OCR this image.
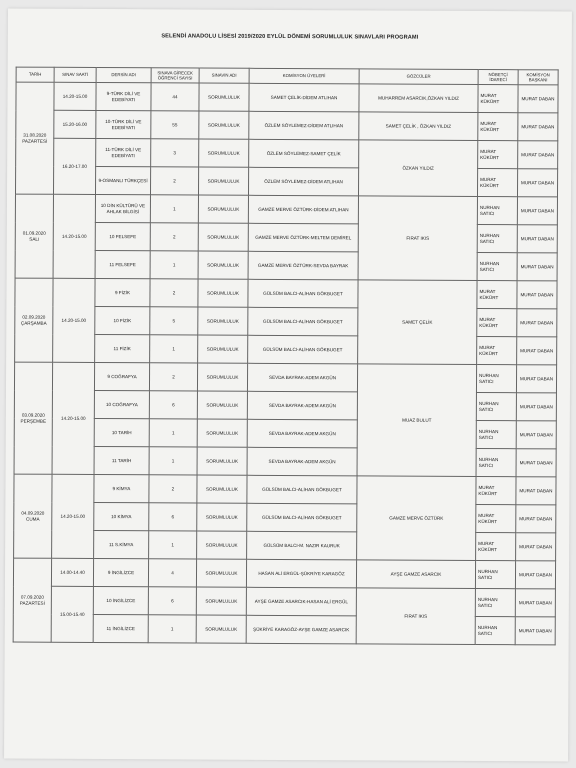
SELENDİ ANADOLU LİSESİ 2019/2020 EYLÜL DÖNEMİ SORUMLULUK SINAVLARI PROGRAMI
TARİH	SINAV SAATİ	DERSİN ADI	SINAVA GİRECEK ÖĞRENCİ SAYISI	SINAVIN ADI	KOMİSYON ÜYELERİ	GÖZCÜLER	NÖBETÇİ İDARECİ	KOMİSYON BAŞKANI
31.08.2020
PAZARTESİ	14.20-15.00	9-TÜRK DİLİ VE EDEBİYATI	44	SORUMLULUK	SAMET ÇELİK-DİDEM ATLIHAN	MUHARREM ASARCIK,ÖZKAN YILDIZ	MURAT KÜKÜRT	MURAT DABAN
	15.20-16.00	10-TÜRK DİLİ VE EDEBİYATI	55	SORUMLULUK	ÖZLEM SÖYLEMEZ-DİDEM ATLIHAN	SAMET ÇELİK , ÖZKAN YILDIZ	MURAT KÜKÜRT	MURAT DABAN
	16.20-17.00	11-TÜRK DİLİ VE EDEBİYATI	3	SORUMLULUK	ÖZLEM SÖYLEMEZ-SAMET ÇELİK	ÖZKAN YILDIZ	MURAT KÜKÜRT	MURAT DABAN
		9-OSMANLI TÜRKÇESİ	2	SORUMLULUK	ÖZLEM SÖYLEMEZ-DİDEM ATLIHAN		MURAT KÜKÜRT	MURAT DABAN
01.09.2020
SALI	14.20-15.00	10 DİN KÜLTÜRÜ VE AHLAK BİLGİSİ	1	SORUMLULUK	GAMZE MERVE ÖZTÜRK-DİDEM ATLIHAN	FIRAT IKIS	NURHAN SATICI	MURAT DABAN
		10 FELSEFE	2	SORUMLULUK	GAMZE MERVE ÖZTÜRK-MELTEM DEMİREL		NURHAN SATICI	MURAT DABAN
		11 FELSEFE	1	SORUMLULUK	GAMZE MERVE ÖZTÜRK-SEVDA BAYRAK		NURHAN SATICI	MURAT DABAN
02.09.2020
ÇARŞAMBA	14.20-15.00	9 FİZİK	2	SORUMLULUK	GÜLSÜM BALCI-ALİHAN GÖKBUGET	SAMET ÇELİK	MURAT KÜKÜRT	MURAT DABAN
		10 FİZİK	5	SORUMLULUK	GÜLSÜM BALCI-ALİHAN GÖKBUGET		MURAT KÜKÜRT	MURAT DABAN
		11 FİZİK	1	SORUMLULUK	GÜLSÜM BALCI-ALİHAN GÖKBUGET		MURAT KÜKÜRT	MURAT DABAN
03.09.2020
PERŞEMBE	14.20-15.00	9 COĞRAFYA	2	SORUMLULUK	SEVDA BAYRAK-ADEM AKGÜN	MUAZ BULUT	NURHAN SATICI	MURAT DABAN
		10 COĞRAFYA	6	SORUMLULUK	SEVDA BAYRAK-ADEM AKGÜN		NURHAN SATICI	MURAT DABAN
		10 TARİH	1	SORUMLULUK	SEVDA BAYRAK-ADEM AKGÜN		NURHAN SATICI	MURAT DABAN
		11 TARİH	1	SORUMLULUK	SEVDA BAYRAK-ADEM AKGÜN		NURHAN SATICI	MURAT DABAN
04.09.2020
CUMA	14.20-15.00	9 KİMYA	2	SORUMLULUK	GÜLSÜM BALCI-ALİHAN GÖKBUGET	GAMZE MERVE ÖZTÜRK	MURAT KÜKÜRT	MURAT DABAN
		10 KİMYA	6	SORUMLULUK	GÜLSÜM BALCI-ALİHAN GÖKBUGET		MURAT KÜKÜRT	MURAT DABAN
		11 S.KİMYA	1	SORUMLULUK	GÜLSÜM BALCI-M. NAZIR KAURUK		MURAT KÜKÜRT	MURAT DABAN
07.09.2020
PAZARTESİ	14.00-14.40	9 İNGİLİZCE	4	SORUMLULUK	HASAN ALİ ERGÜL-ŞÜKRİYE KARAGÖZ	AYŞE GAMZE ASARCIK	NURHAN SATICI	MURAT DABAN
	15.00-15.40	10 İNGİLİZCE	6	SORUMLULUK	AYŞE GAMZE ASARCIK-HASAN ALİ ERGÜL	FIRAT IKIS	NURHAN SATICI	MURAT DABAN
		11 İNGİLİZCE	1	SORUMLULUK	ŞÜKRİYE KARAGÖZ-AYŞE GAMZE ASARCIK		NURHAN SATICI	MURAT DABAN
